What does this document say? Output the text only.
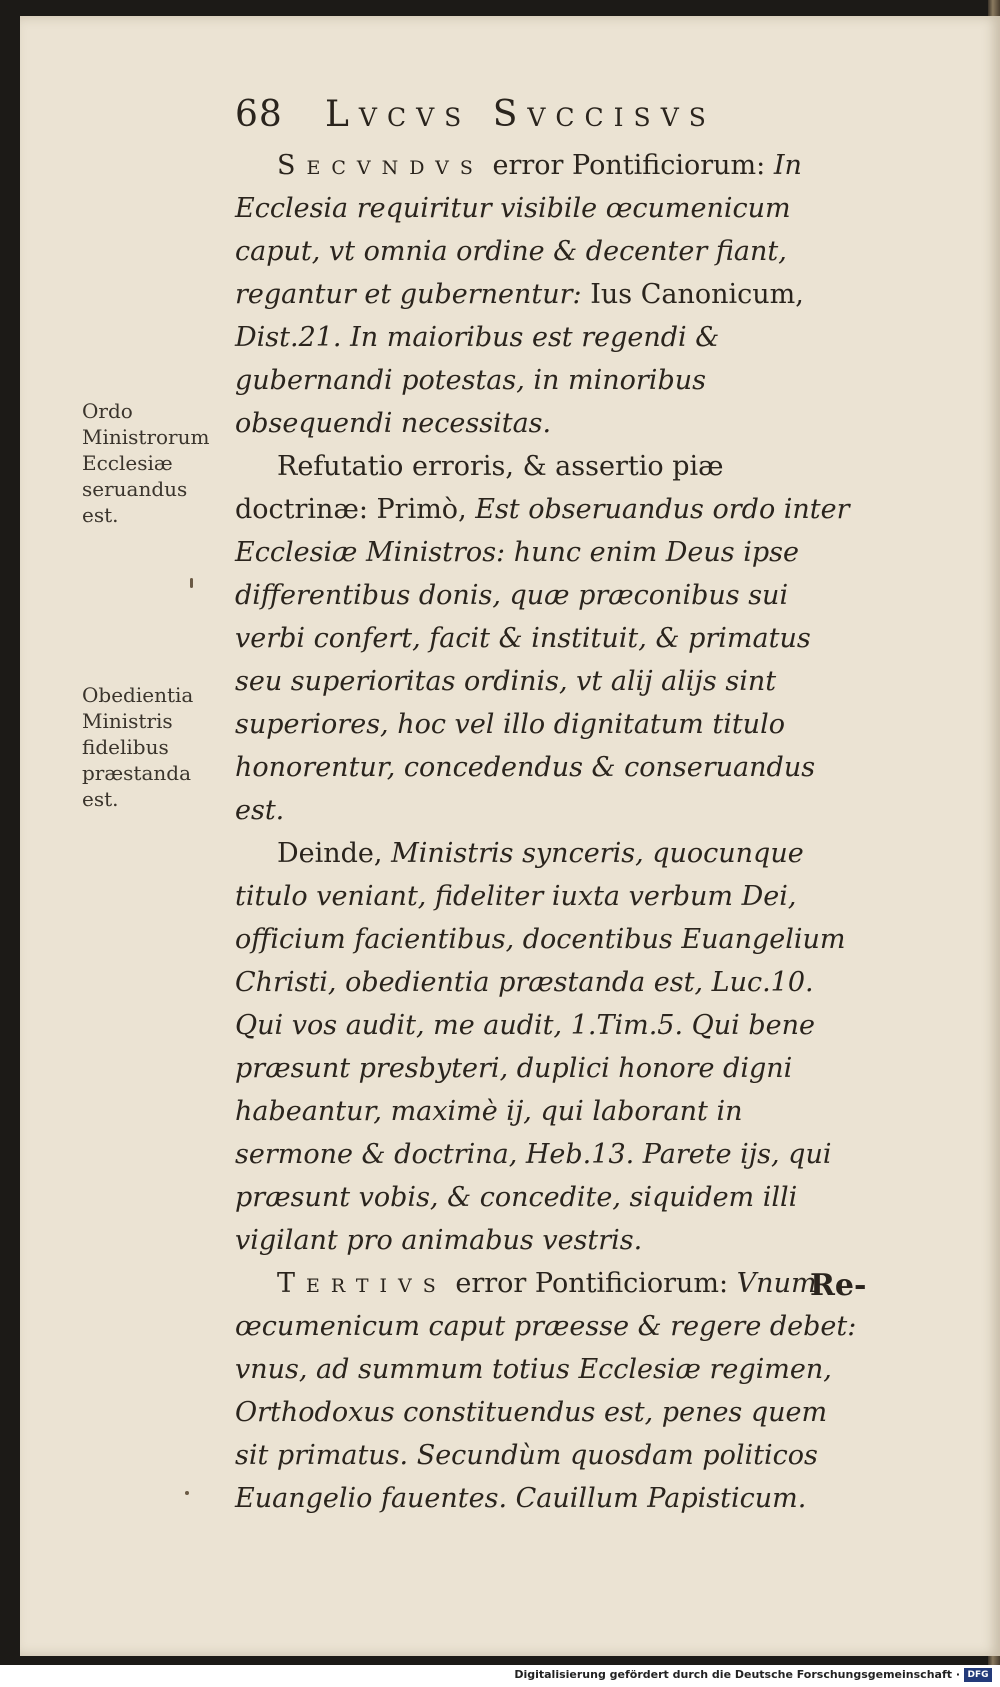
68 Lvcvs Svccisvs

Secvndvs error Pontificiorum: In Ecclesia requiritur visibile œcumenicum caput, vt omnia ordine & decenter fiant, regantur et gubernentur: Ius Canonicum, Dist.21. In maioribus est regendi & gubernandi potestas, in minoribus obsequendi necessitas.

Refutatio erroris, & assertio piæ doctrinæ: Primò, Est obseruandus ordo inter Ecclesiæ Ministros: hunc enim Deus ipse differentibus donis, quæ præconibus sui verbi confert, facit & instituit, & primatus seu superioritas ordinis, vt alij alijs sint superiores, hoc vel illo dignitatum titulo honorentur, concedendus & conseruandus est.

Deinde, Ministris synceris, quocunque titulo veniant, fideliter iuxta verbum Dei, officium facientibus, docentibus Euangelium Christi, obedientia præstanda est, Luc.10. Qui vos audit, me audit, 1.Tim.5. Qui bene præsunt presbyteri, duplici honore digni habeantur, maximè ij, qui laborant in sermone & doctrina, Heb.13. Parete ijs, qui præsunt vobis, & concedite, siquidem illi vigilant pro animabus vestris.

Tertivs error Pontificiorum: Vnum œcumenicum caput præesse & regere debet: vnus, ad summum totius Ecclesiæ regimen, Orthodoxus constituendus est, penes quem sit primatus. Secundùm quosdam politicos Euangelio fauentes. Cauillum Papisticum.

Re-
Ordo Ministrorum Ecclesiæ seruandus est.
Obedientia Ministris fidelibus præstanda est.
Digitalisierung gefördert durch die Deutsche Forschungsgemeinschaft · DFG
